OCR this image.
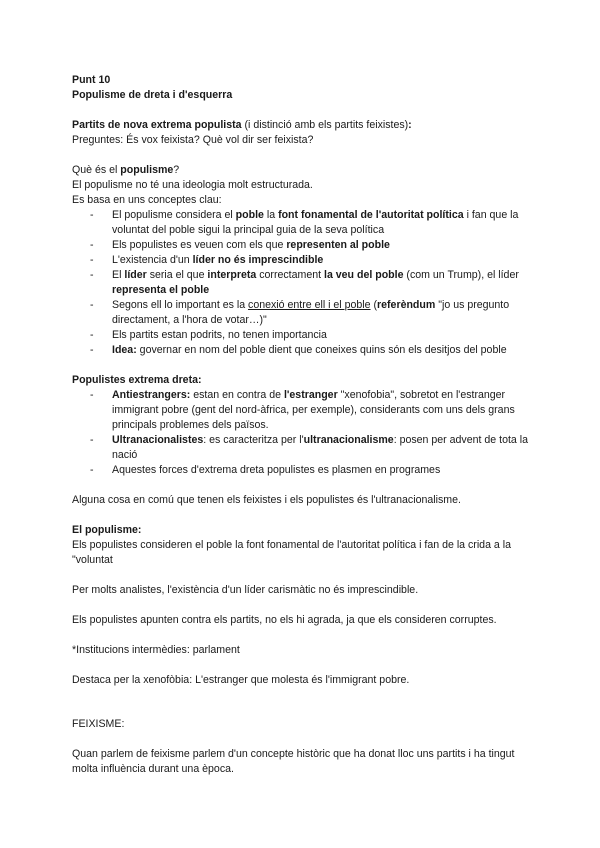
Punt 10

Populisme de dreta i d'esquerra

Partits de nova extrema populista (i distinció amb els partits feixistes):

Preguntes: És vox feixista? Què vol dir ser feixista?

Què és el populisme?

El populisme no té una ideologia molt estructurada.

Es basa en uns conceptes clau:

- El populisme considera el poble la font fonamental de l'autoritat política i fan que la voluntat del poble sigui la principal guia de la seva política
- Els populistes es veuen com els que representen al poble
- L'existencia d'un líder no és imprescindible
- El líder seria el que interpreta correctament la veu del poble (com un Trump), el líder representa el poble
- Segons ell lo important es la conexió entre ell i el poble (referèndum "jo us pregunto directament, a l'hora de votar…)"
- Els partits estan podrits, no tenen importancia
- Idea: governar en nom del poble dient que coneixes quins són els desitjos del poble

Populistes extrema dreta:

- Antiestrangers: estan en contra de l'estranger "xenofobia", sobretot en l'estranger immigrant pobre (gent del nord-àfrica, per exemple), considerants com uns dels grans principals problemes dels països.
- Ultranacionalistes: es caracteritza per l'ultranacionalisme: posen per advent de tota la nació
- Aquestes forces d'extrema dreta populistes es plasmen en programes

Alguna cosa en comú que tenen els feixistes i els populistes és l'ultranacionalisme.

El populisme:

Els populistes consideren el poble la font fonamental de l'autoritat política i fan de la crida a la "voluntat

Per molts analistes, l'existència d'un líder carismàtic no és imprescindible.

Els populistes apunten contra els partits, no els hi agrada, ja que els consideren corruptes.

*Institucions intermèdies: parlament

Destaca per la xenofòbia: L'estranger que molesta és l'immigrant pobre.

FEIXISME:

Quan parlem de feixisme parlem d'un concepte històric que ha donat lloc uns partits i ha tingut molta influència durant una època.
